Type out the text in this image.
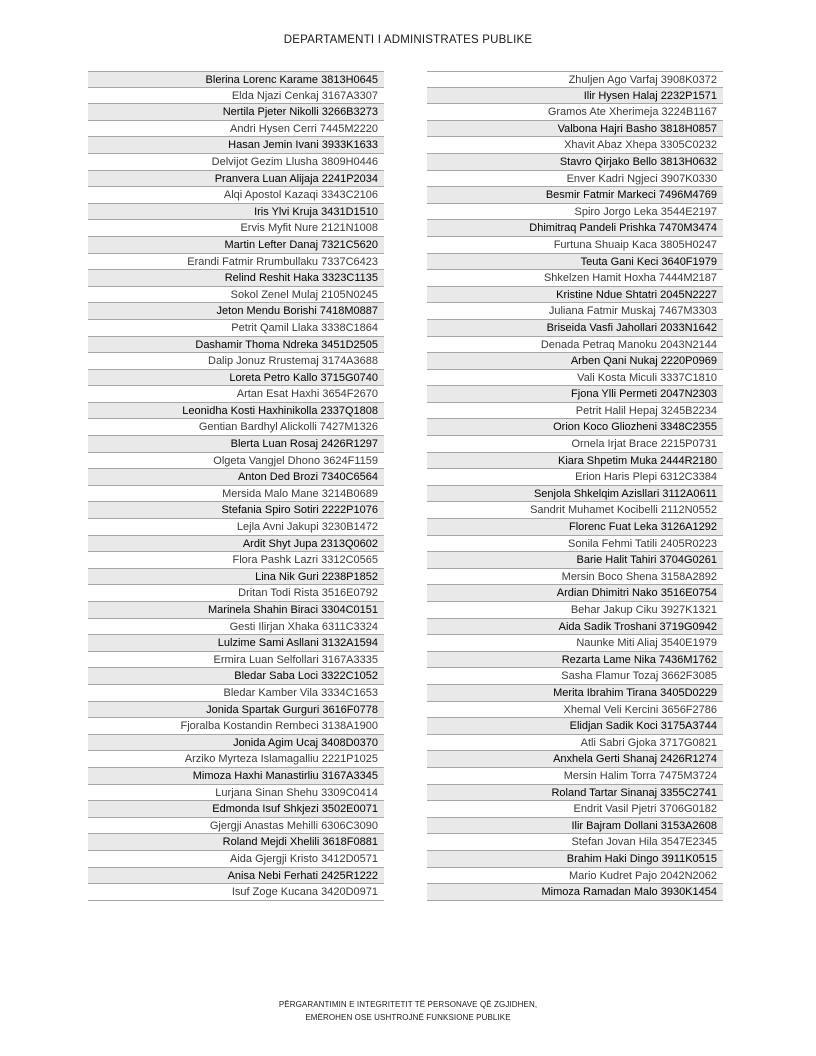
DEPARTAMENTI I ADMINISTRATES PUBLIKE
Blerina Lorenc Karame 3813H0645
Elda Njazi Cenkaj 3167A3307
Nertila Pjeter Nikolli 3266B3273
Andri Hysen Cerri 7445M2220
Hasan Jemin Ivani 3933K1633
Delvijot Gezim Llusha 3809H0446
Pranvera Luan Alijaja 2241P2034
Alqi Apostol Kazaqi 3343C2106
Iris Ylvi Kruja 3431D1510
Ervis Myfit Nure 2121N1008
Martin Lefter Danaj 7321C5620
Erandi Fatmir Rrumbullaku 7337C6423
Relind Reshit Haka 3323C1135
Sokol Zenel Mulaj 2105N0245
Jeton Mendu Borishi 7418M0887
Petrit Qamil Llaka 3338C1864
Dashamir Thoma Ndreka 3451D2505
Dalip Jonuz Rrustemaj 3174A3688
Loreta Petro Kallo 3715G0740
Artan Esat Haxhi 3654F2670
Leonidha Kosti Haxhinikolla 2337Q1808
Gentian Bardhyl Alickolli 7427M1326
Blerta Luan Rosaj 2426R1297
Olgeta Vangjel Dhono 3624F1159
Anton Ded Brozi 7340C6564
Mersida Malo Mane 3214B0689
Stefania Spiro Sotiri 2222P1076
Lejla Avni Jakupi 3230B1472
Ardit Shyt Jupa 2313Q0602
Flora Pashk Lazri 3312C0565
Lina Nik Guri 2238P1852
Dritan Todi Rista 3516E0792
Marinela Shahin Biraci 3304C0151
Gesti Ilirjan Xhaka 6311C3324
Lulzime Sami Asllani 3132A1594
Ermira Luan Selfollari 3167A3335
Bledar Saba Loci 3322C1052
Bledar Kamber Vila 3334C1653
Jonida Spartak Gurguri 3616F0778
Fjoralba Kostandin Rembeci 3138A1900
Jonida Agim Ucaj 3408D0370
Arziko Myrteza Islamagalliu 2221P1025
Mimoza Haxhi Manastirliu 3167A3345
Lurjana Sinan Shehu 3309C0414
Edmonda Isuf Shkjezi 3502E0071
Gjergji Anastas Mehilli 6306C3090
Roland Mejdi Xhelili 3618F0881
Aida Gjergji Kristo 3412D0571
Anisa Nebi Ferhati 2425R1222
Isuf Zoge Kucana 3420D0971
Zhuljen Ago Varfaj 3908K0372
Ilir Hysen Halaj 2232P1571
Gramos Ate Xherimeja 3224B1167
Valbona Hajri Basho 3818H0857
Xhavit Abaz Xhepa 3305C0232
Stavro Qirjako Bello 3813H0632
Enver Kadri Ngjeci 3907K0330
Besmir Fatmir Markeci 7496M4769
Spiro Jorgo Leka 3544E2197
Dhimitraq Pandeli Prishka 7470M3474
Furtuna Shuaip Kaca 3805H0247
Teuta Gani Keci 3640F1979
Shkelzen Hamit Hoxha 7444M2187
Kristine Ndue Shtatri 2045N2227
Juliana Fatmir Muskaj 7467M3303
Briseida Vasfi Jahollari 2033N1642
Denada Petraq Manoku 2043N2144
Arben Qani Nukaj 2220P0969
Vali Kosta Miculi 3337C1810
Fjona Ylli Permeti 2047N2303
Petrit Halil Hepaj 3245B2234
Orion Koco Gliozheni 3348C2355
Ornela Irjat Brace 2215P0731
Kiara Shpetim Muka 2444R2180
Erion Haris Plepi 6312C3384
Senjola Shkelqim Azisllari 3112A0611
Sandrit Muhamet Kocibelli 2112N0552
Florenc Fuat Leka 3126A1292
Sonila Fehmi Tatili 2405R0223
Barie Halit Tahiri 3704G0261
Mersin Boco Shena 3158A2892
Ardian Dhimitri Nako 3516E0754
Behar Jakup Ciku 3927K1321
Aida Sadik Troshani 3719G0942
Naunke Miti Aliaj 3540E1979
Rezarta Lame Nika 7436M1762
Sasha Flamur Tozaj 3662F3085
Merita Ibrahim Tirana 3405D0229
Xhemal Veli Kercini 3656F2786
Elidjan Sadik Koci 3175A3744
Atli Sabri Gjoka 3717G0821
Anxhela Gerti Shanaj 2426R1274
Mersin Halim Torra 7475M3724
Roland Tartar Sinanaj 3355C2741
Endrit Vasil Pjetri 3706G0182
Ilir Bajram Dollani 3153A2608
Stefan Jovan Hila 3547E2345
Brahim Haki Dingo 3911K0515
Mario Kudret Pajo 2042N2062
Mimoza Ramadan Malo 3930K1454
PËRGARANTIMIN E INTEGRITETIT TË PERSONAVE QË ZGJIDHEN,
EMËROHEN OSE USHTROJNË FUNKSIONE PUBLIKE
